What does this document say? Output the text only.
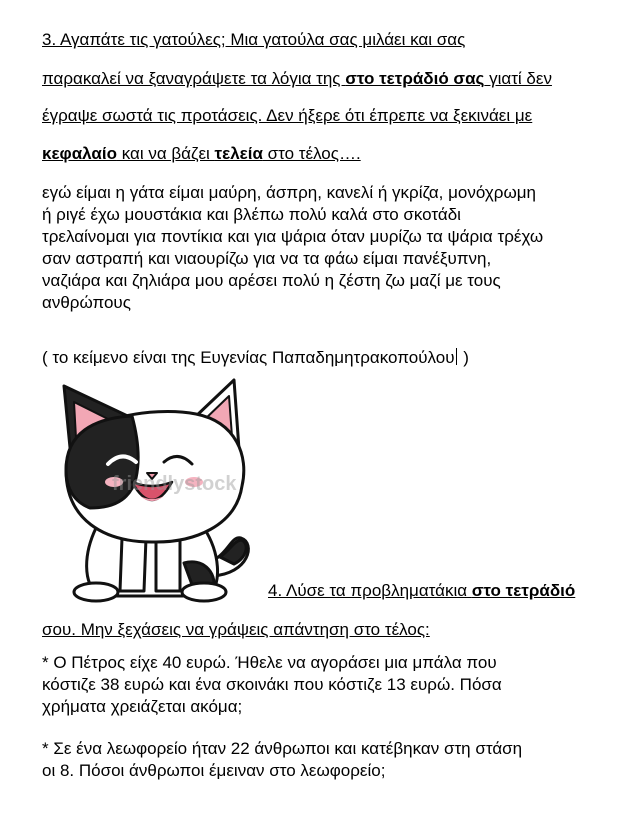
3. Αγαπάτε τις γατούλες; Μια γατούλα σας μιλάει και σας
παρακαλεί να ξαναγράψετε τα λόγια της στο τετράδιό σας γιατί δεν
έγραψε σωστά τις προτάσεις. Δεν ήξερε ότι έπρεπε να ξεκινάει με
κεφαλαίο και να βάζει τελεία στο τέλος….
εγώ είμαι η γάτα είμαι μαύρη, άσπρη, κανελί ή γκρίζα, μονόχρωμη
ή ριγέ έχω μουστάκια και βλέπω πολύ καλά στο σκοτάδι
τρελαίνομαι για ποντίκια και για ψάρια όταν μυρίζω τα ψάρια τρέχω
σαν αστραπή και νιαουρίζω για να τα φάω είμαι πανέξυπνη,
ναζιάρα και ζηλιάρα μου αρέσει πολύ η ζέστη ζω μαζί με τους
ανθρώπους
( το κείμενο είναι της Ευγενίας Παπαδημητρακοπούλου )
friendlystock
4. Λύσε τα προβληματάκια στο τετράδιό
σου. Μην ξεχάσεις να γράψεις απάντηση στο τέλος:
* Ο Πέτρος είχε 40 ευρώ. Ήθελε να αγοράσει μια μπάλα που
κόστιζε 38 ευρώ και ένα σκοινάκι που κόστιζε 13 ευρώ. Πόσα
χρήματα χρειάζεται ακόμα;
* Σε ένα λεωφορείο ήταν 22 άνθρωποι και κατέβηκαν στη στάση
οι 8. Πόσοι άνθρωποι έμειναν στο λεωφορείο;
